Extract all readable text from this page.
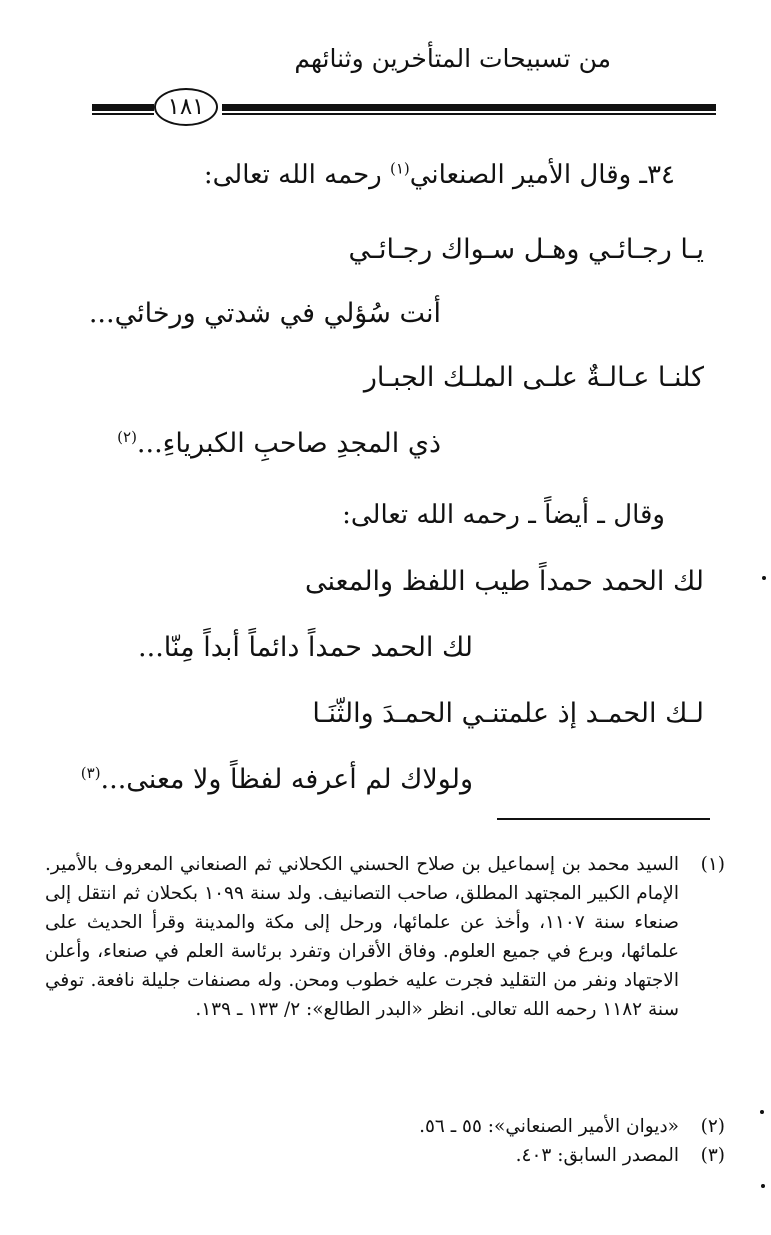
من تسبيحات المتأخرين وثنائهم
١٨١
٣٤ـ وقال الأمير الصنعاني$^{(١)}$ رحمه الله تعالى:
يـا رجـائـي وهـل سـواك رجـائـي
أنت سُؤلي في شدتي ورخائي...
كلنـا عـالـةٌ علـى الملـك الجبـار
ذي المجدِ صاحبِ الكبرياءِ...$^{(٢)}$
وقال ـ أيضاً ـ رحمه الله تعالى:
لك الحمد حمداً طيب اللفظ والمعنى
لك الحمد حمداً دائماً أبداً مِنّا...
لـك الحمـد إذ علمتنـي الحمـدَ والثّنَـا
ولولاك لم أعرفه لفظاً ولا معنى...$^{(٣)}$
(١)
السيد محمد بن إسماعيل بن صلاح الحسني الكحلاني ثم الصنعاني المعروف بالأمير. الإمام الكبير المجتهد المطلق، صاحب التصانيف. ولد سنة ١٠٩٩ بكحلان ثم انتقل إلى صنعاء سنة ١١٠٧، وأخذ عن علمائها، ورحل إلى مكة والمدينة وقرأ الحديث على علمائها، وبرع في جميع العلوم. وفاق الأقران وتفرد برئاسة العلم في صنعاء، وأعلن الاجتهاد ونفر من التقليد فجرت عليه خطوب ومحن. وله مصنفات جليلة نافعة. توفي سنة ١١٨٢ رحمه الله تعالى. انظر «البدر الطالع»: ٢/ ١٣٣ ـ ١٣٩.
(٢)
«ديوان الأمير الصنعاني»: ٥٥ ـ ٥٦.
(٣)
المصدر السابق: ٤٠٣.
